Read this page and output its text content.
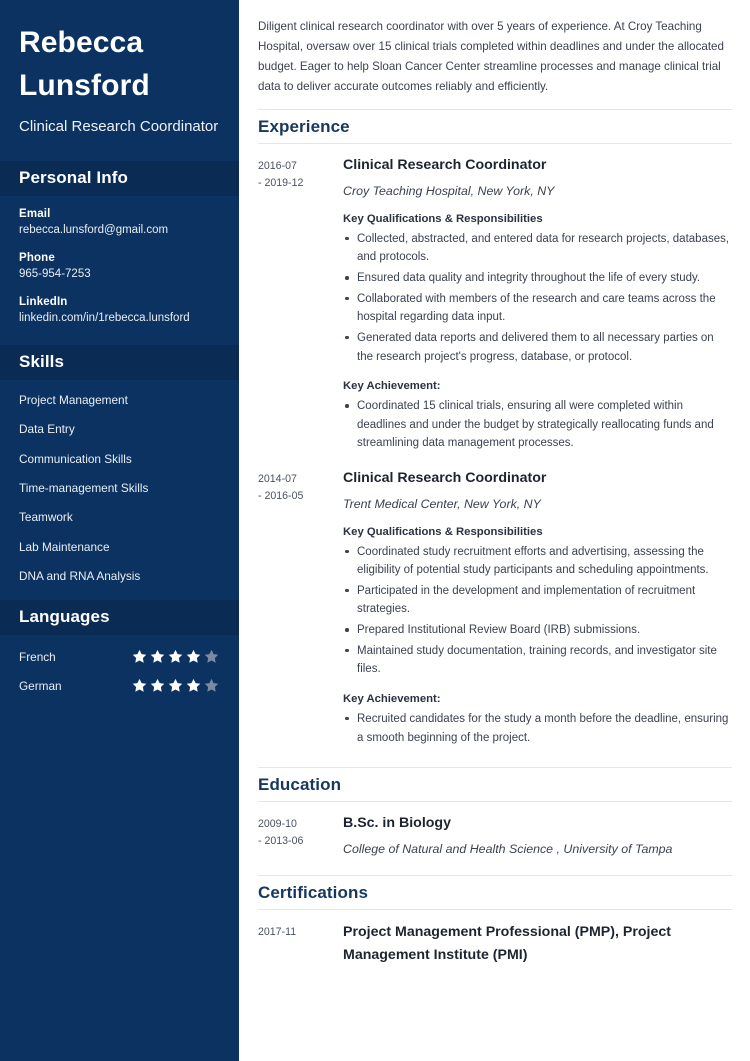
Rebecca
Lunsford
Clinical Research Coordinator
Personal Info
Email
rebecca.lunsford@gmail.com
Phone
965-954-7253
LinkedIn
linkedin.com/in/1rebecca.lunsford
Skills
Project Management
Data Entry
Communication Skills
Time-management Skills
Teamwork
Lab Maintenance
DNA and RNA Analysis
Languages
French
German

Diligent clinical research coordinator with over 5 years of experience. At Croy Teaching Hospital, oversaw over 15 clinical trials completed within deadlines and under the allocated budget. Eager to help Sloan Cancer Center streamline processes and manage clinical trial data to deliver accurate outcomes reliably and efficiently.

Experience
2016-07
- 2019-12
Clinical Research Coordinator
Croy Teaching Hospital, New York, NY
Key Qualifications & Responsibilities
Collected, abstracted, and entered data for research projects, databases, and protocols.
Ensured data quality and integrity throughout the life of every study.
Collaborated with members of the research and care teams across the hospital regarding data input.
Generated data reports and delivered them to all necessary parties on the research project's progress, database, or protocol.
Key Achievement:
Coordinated 15 clinical trials, ensuring all were completed within deadlines and under the budget by strategically reallocating funds and streamlining data management processes.
2014-07
- 2016-05
Clinical Research Coordinator
Trent Medical Center, New York, NY
Key Qualifications & Responsibilities
Coordinated study recruitment efforts and advertising, assessing the eligibility of potential study participants and scheduling appointments.
Participated in the development and implementation of recruitment strategies.
Prepared Institutional Review Board (IRB) submissions.
Maintained study documentation, training records, and investigator site files.
Key Achievement:
Recruited candidates for the study a month before the deadline, ensuring a smooth beginning of the project.
Education
2009-10
- 2013-06
B.Sc. in Biology
College of Natural and Health Science , University of Tampa
Certifications
2017-11	Project Management Professional (PMP), Project Management Institute (PMI)
